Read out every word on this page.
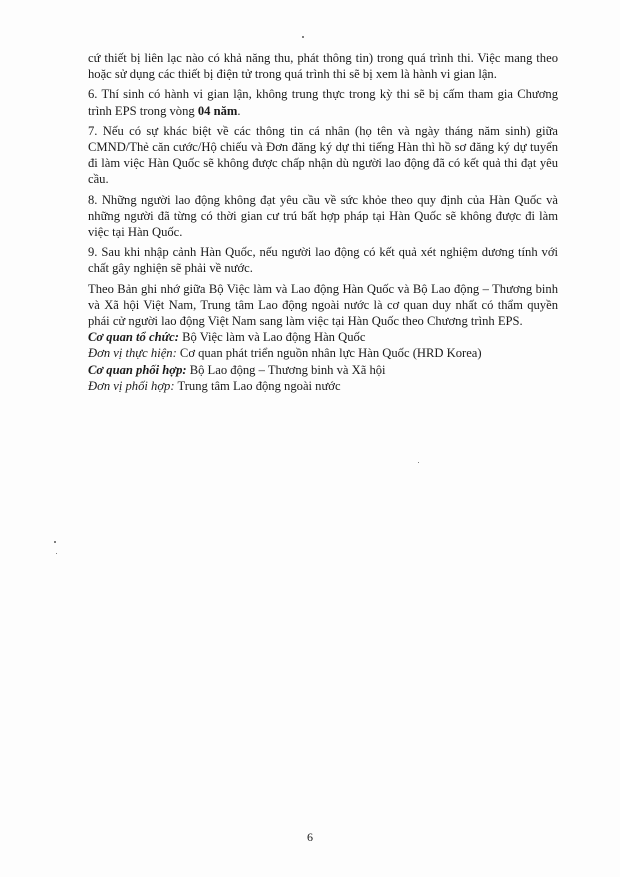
cứ thiết bị liên lạc nào có khả năng thu, phát thông tin) trong quá trình thi. Việc mang theo hoặc sử dụng các thiết bị điện tử trong quá trình thi sẽ bị xem là hành vi gian lận.

6. Thí sinh có hành vi gian lận, không trung thực trong kỳ thi sẽ bị cấm tham gia Chương trình EPS trong vòng 04 năm.

7. Nếu có sự khác biệt về các thông tin cá nhân (họ tên và ngày tháng năm sinh) giữa CMND/Thẻ căn cước/Hộ chiếu và Đơn đăng ký dự thi tiếng Hàn thì hồ sơ đăng ký dự tuyển đi làm việc Hàn Quốc sẽ không được chấp nhận dù người lao động đã có kết quả thi đạt yêu cầu.

8. Những người lao động không đạt yêu cầu về sức khỏe theo quy định của Hàn Quốc và những người đã từng có thời gian cư trú bất hợp pháp tại Hàn Quốc sẽ không được đi làm việc tại Hàn Quốc.

9. Sau khi nhập cảnh Hàn Quốc, nếu người lao động có kết quả xét nghiệm dương tính với chất gây nghiện sẽ phải về nước.

Theo Bản ghi nhớ giữa Bộ Việc làm và Lao động Hàn Quốc và Bộ Lao động – Thương binh và Xã hội Việt Nam, Trung tâm Lao động ngoài nước là cơ quan duy nhất có thẩm quyền phái cử người lao động Việt Nam sang làm việc tại Hàn Quốc theo Chương trình EPS.

Cơ quan tổ chức: Bộ Việc làm và Lao động Hàn Quốc
Đơn vị thực hiện: Cơ quan phát triển nguồn nhân lực Hàn Quốc (HRD Korea)
Cơ quan phối hợp: Bộ Lao động – Thương binh và Xã hội
Đơn vị phối hợp: Trung tâm Lao động ngoài nước
6
